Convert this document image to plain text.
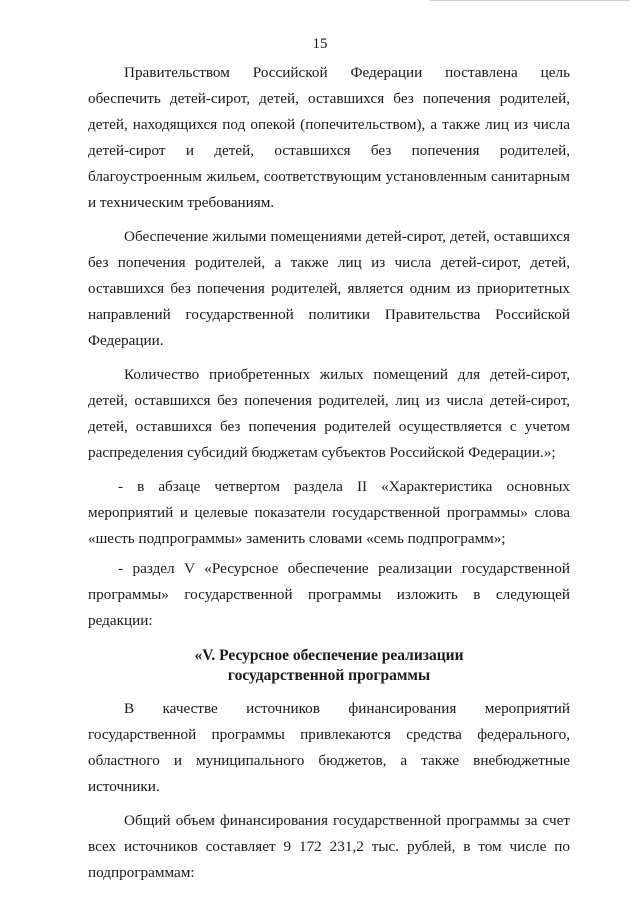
15

Правительством Российской Федерации поставлена цель обеспечить детей-сирот, детей, оставшихся без попечения родителей, детей, находящихся под опекой (попечительством), а также лиц из числа детей-сирот и детей, оставшихся без попечения родителей, благоустроенным жильем, соответствующим установленным санитарным и техническим требованиям.

Обеспечение жилыми помещениями детей-сирот, детей, оставшихся без попечения родителей, а также лиц из числа детей-сирот, детей, оставшихся без попечения родителей, является одним из приоритетных направлений государственной политики Правительства Российской Федерации.

Количество приобретенных жилых помещений для детей-сирот, детей, оставшихся без попечения родителей, лиц из числа детей-сирот, детей, оставшихся без попечения родителей осуществляется с учетом распределения субсидий бюджетам субъектов Российской Федерации.»;

- в абзаце четвертом раздела II «Характеристика основных мероприятий и целевые показатели государственной программы» слова «шесть подпрограммы» заменить словами «семь подпрограмм»;

- раздел V «Ресурсное обеспечение реализации государственной программы» государственной программы изложить в следующей редакции:

«V. Ресурсное обеспечение реализации
государственной программы

В качестве источников финансирования мероприятий государственной программы привлекаются средства федерального, областного и муниципального бюджетов, а также внебюджетные источники.

Общий объем финансирования государственной программы за счет всех источников составляет 9 172 231,2 тыс. рублей, в том числе по подпрограммам:
